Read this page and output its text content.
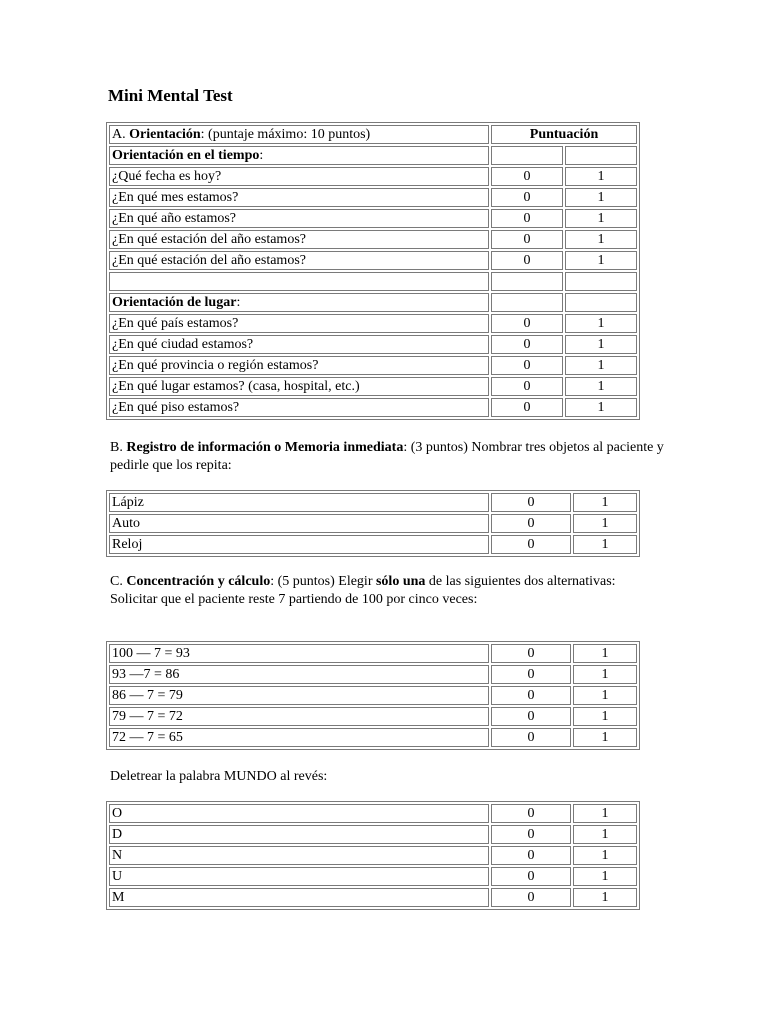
Mini Mental Test
A. Orientación: (puntaje máximo: 10 puntos)	Puntuación	
Orientación en el tiempo:		
¿Qué fecha es hoy?	0	1
¿En qué mes estamos?	0	1
¿En qué año estamos?	0	1
¿En qué estación del año estamos?	0	1
¿En qué estación del año estamos?	0	1

Orientación de lugar:		
¿En qué país estamos?	0	1
¿En qué ciudad estamos?	0	1
¿En qué provincia o región estamos?	0	1
¿En qué lugar estamos? (casa, hospital, etc.)	0	1
¿En qué piso estamos?	0	1

B. Registro de información o Memoria inmediata: (3 puntos) Nombrar tres objetos al paciente y pedirle que los repita:

Lápiz	0	1
Auto	0	1
Reloj	0	1

C. Concentración y cálculo: (5 puntos) Elegir sólo una de las siguientes dos alternativas:
Solicitar que el paciente reste 7 partiendo de 100 por cinco veces:

100 — 7 = 93	0	1
93 —7 = 86	0	1
86 — 7 = 79	0	1
79 — 7 = 72	0	1
72 — 7 = 65	0	1

Deletrear la palabra MUNDO al revés:

O	0	1
D	0	1
N	0	1
U	0	1
M	0	1
